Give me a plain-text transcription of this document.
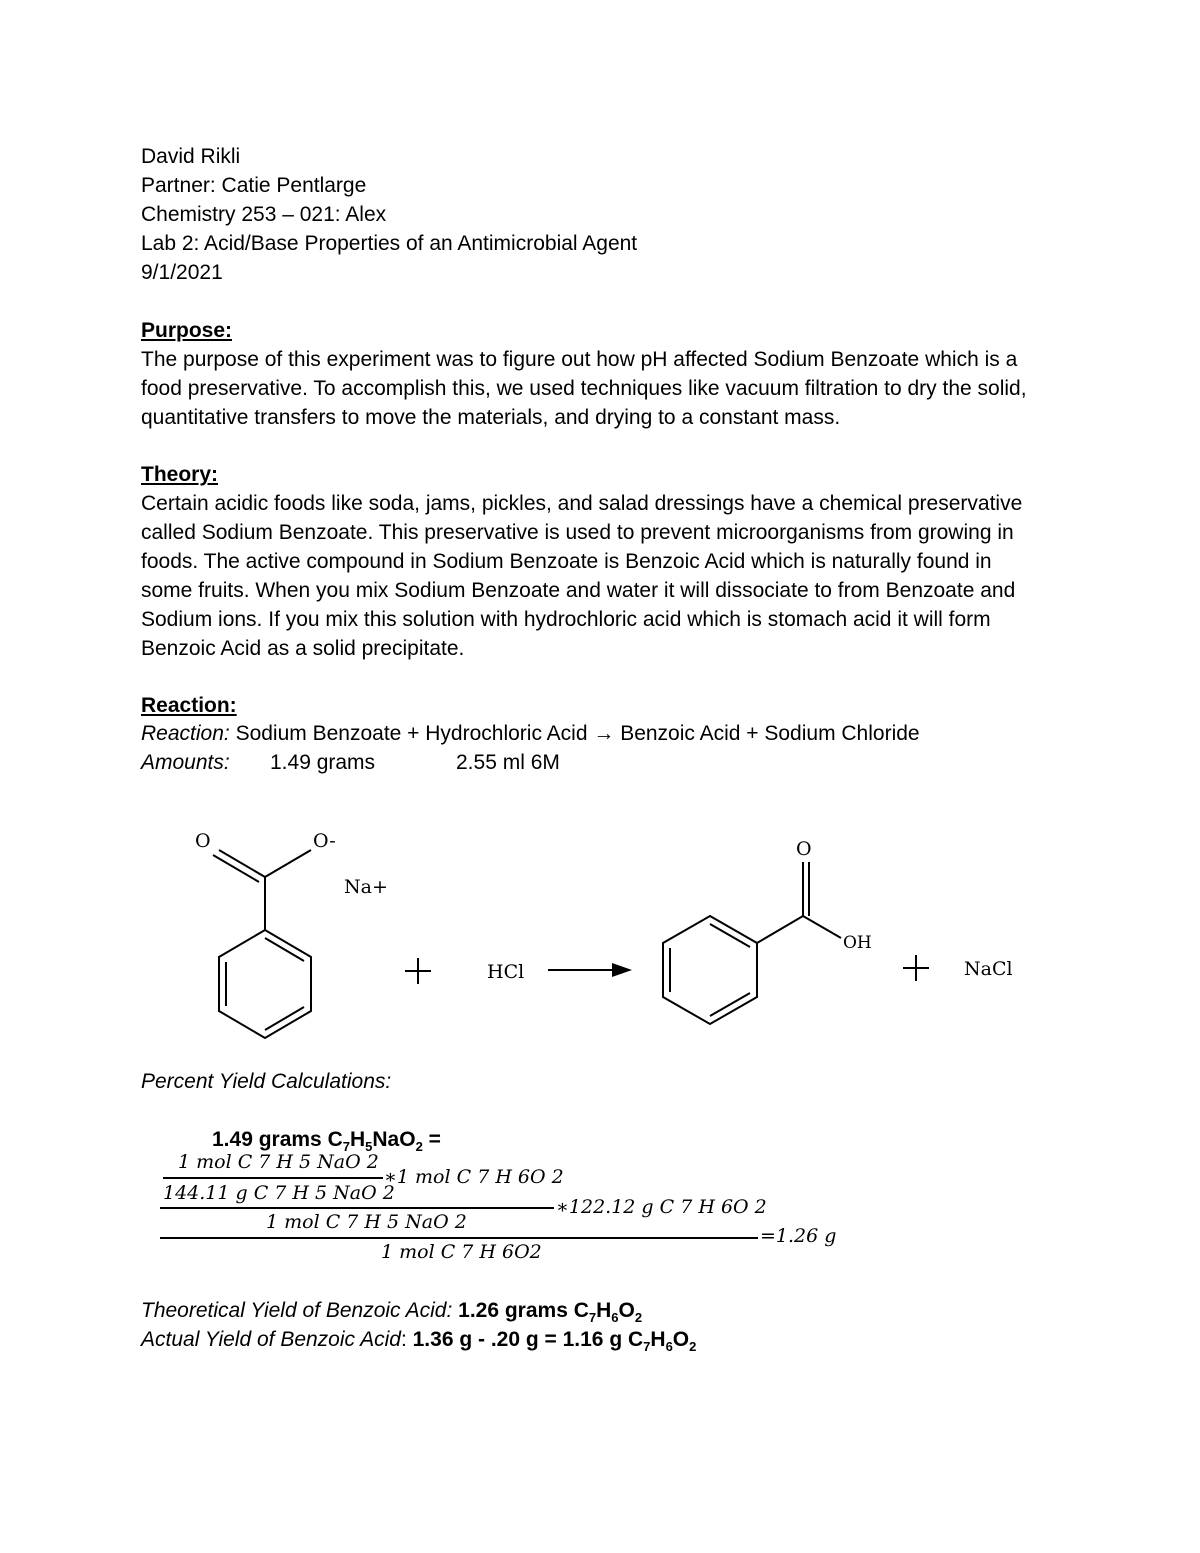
David Rikli
Partner: Catie Pentlarge
Chemistry 253 – 021: Alex
Lab 2: Acid/Base Properties of an Antimicrobial Agent
9/1/2021
Purpose:
The purpose of this experiment was to figure out how pH affected Sodium Benzoate which is a
food preservative. To accomplish this, we used techniques like vacuum filtration to dry the solid,
quantitative transfers to move the materials, and drying to a constant mass.
Theory:
Certain acidic foods like soda, jams, pickles, and salad dressings have a chemical preservative
called Sodium Benzoate. This preservative is used to prevent microorganisms from growing in
foods. The active compound in Sodium Benzoate is Benzoic Acid which is naturally found in
some fruits. When you mix Sodium Benzoate and water it will dissociate to from Benzoate and
Sodium ions. If you mix this solution with hydrochloric acid which is stomach acid it will form
Benzoic Acid as a solid precipitate.
Reaction:
Reaction: Sodium Benzoate + Hydrochloric Acid → Benzoic Acid + Sodium Chloride
Amounts: 1.49 grams	2.55 ml 6M
O	O-
Na+
HCl
O
OH
NaCl
Percent Yield Calculations:
1.49 grams $C_7H_5NaO_2$ =
1 mol C 7 H 5 NaO 2
∗1 mol C 7 H 6O 2
144.11 g C 7 H 5 NaO 2
∗122.12 g C 7 H 6O 2
1 mol C 7 H 5 NaO 2
=1.26 g
1 mol C 7 H 6O2
Theoretical Yield of Benzoic Acid: 1.26 grams $C_7H_6O_2$
Actual Yield of Benzoic Acid: 1.36 g - .20 g = 1.16 g $C_7H_6O_2$
